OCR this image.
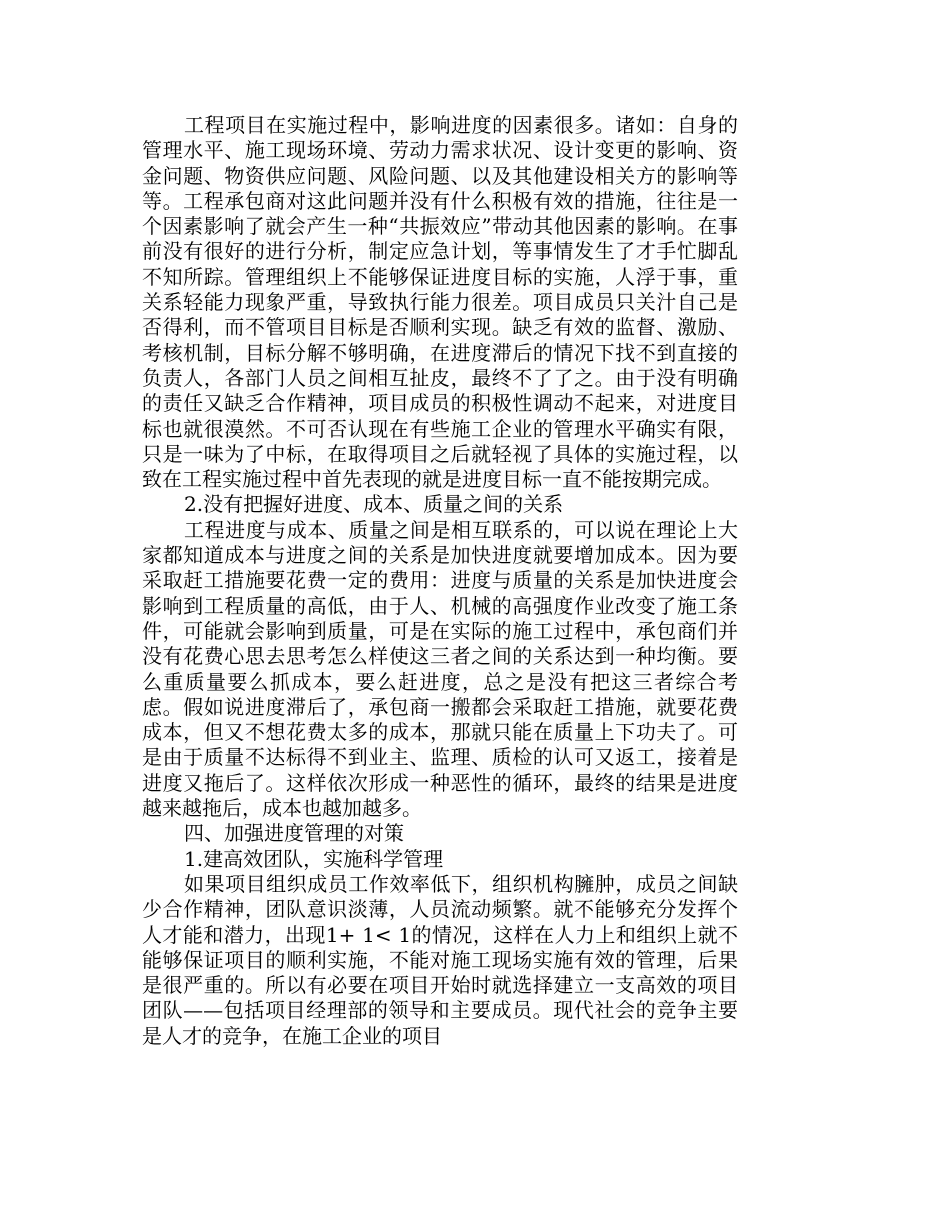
工程项目在实施过程中，影响进度的因素很多。诸如：自身的管理水平、施工现场环境、劳动力需求状况、设计变更的影响、资金问题、物资供应问题、风险问题、以及其他建设相关方的影响等等。工程承包商对这此问题并没有什么积极有效的措施，往往是一个因素影响了就会产生一种“共振效应”带动其他因素的影响。在事前没有很好的进行分析，制定应急计划，等事情发生了才手忙脚乱不知所踪。管理组织上不能够保证进度目标的实施，人浮于事，重关系轻能力现象严重，导致执行能力很差。项目成员只关汁自己是否得利，而不管项目目标是否顺利实现。缺乏有效的监督、激励、考核机制，目标分解不够明确，在进度滞后的情况下找不到直接的负责人，各部门人员之间相互扯皮，最终不了了之。由于没有明确的责任又缺乏合作精神，项目成员的积极性调动不起来，对进度目标也就很漠然。不可否认现在有些施工企业的管理水平确实有限，只是一味为了中标，在取得项目之后就轻视了具体的实施过程，以致在工程实施过程中首先表现的就是进度目标一直不能按期完成。

2.没有把握好进度、成本、质量之间的关系

工程进度与成本、质量之间是相互联系的，可以说在理论上大家都知道成本与进度之间的关系是加快进度就要增加成本。因为要采取赶工措施要花费一定的费用：进度与质量的关系是加快进度会影响到工程质量的高低，由于人、机械的高强度作业改变了施工条件，可能就会影响到质量，可是在实际的施工过程中，承包商们并没有花费心思去思考怎么样使这三者之间的关系达到一种均衡。要么重质量要么抓成本，要么赶进度，总之是没有把这三者综合考虑。假如说进度滞后了，承包商一搬都会采取赶工措施，就要花费成本，但又不想花费太多的成本，那就只能在质量上下功夫了。可是由于质量不达标得不到业主、监理、质检的认可又返工，接着是进度又拖后了。这样依次形成一种恶性的循环，最终的结果是进度越来越拖后，成本也越加越多。

四、加强进度管理的对策

1.建高效团队，实施科学管理

如果项目组织成员工作效率低下，组织机构臃肿，成员之间缺少合作精神，团队意识淡薄，人员流动频繁。就不能够充分发挥个人才能和潜力，出现1+ 1< 1的情况，这样在人力上和组织上就不能够保证项目的顺利实施，不能对施工现场实施有效的管理，后果是很严重的。所以有必要在项目开始时就选择建立一支高效的项目团队——包括项目经理部的领导和主要成员。现代社会的竞争主要是人才的竞争，在施工企业的项目
